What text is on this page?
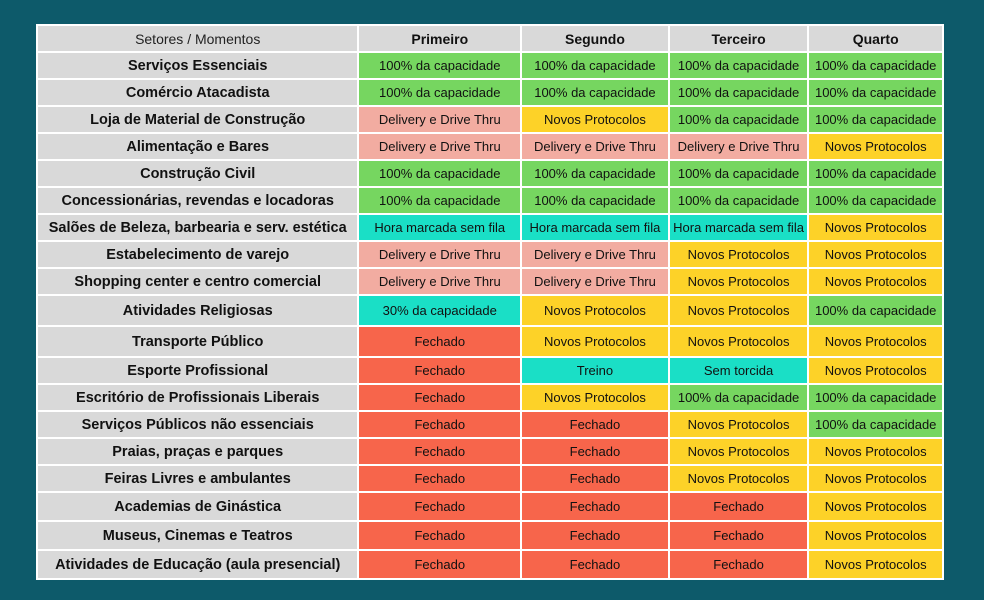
Setores / Momentos	Primeiro	Segundo	Terceiro	Quarto
Serviços Essenciais	100% da capacidade	100% da capacidade	100% da capacidade	100% da capacidade
Comércio Atacadista	100% da capacidade	100% da capacidade	100% da capacidade	100% da capacidade
Loja de Material de Construção	Delivery e Drive Thru	Novos Protocolos	100% da capacidade	100% da capacidade
Alimentação e Bares	Delivery e Drive Thru	Delivery e Drive Thru	Delivery e Drive Thru	Novos Protocolos
Construção Civil	100% da capacidade	100% da capacidade	100% da capacidade	100% da capacidade
Concessionárias, revendas e locadoras	100% da capacidade	100% da capacidade	100% da capacidade	100% da capacidade
Salões de Beleza, barbearia e serv. estética	Hora marcada sem fila	Hora marcada sem fila	Hora marcada sem fila	Novos Protocolos
Estabelecimento de varejo	Delivery e Drive Thru	Delivery e Drive Thru	Novos Protocolos	Novos Protocolos
Shopping center e centro comercial	Delivery e Drive Thru	Delivery e Drive Thru	Novos Protocolos	Novos Protocolos
Atividades Religiosas	30% da capacidade	Novos Protocolos	Novos Protocolos	100% da capacidade
Transporte Público	Fechado	Novos Protocolos	Novos Protocolos	Novos Protocolos
Esporte Profissional	Fechado	Treino	Sem torcida	Novos Protocolos
Escritório de Profissionais Liberais	Fechado	Novos Protocolos	100% da capacidade	100% da capacidade
Serviços Públicos não essenciais	Fechado	Fechado	Novos Protocolos	100% da capacidade
Praias, praças e parques	Fechado	Fechado	Novos Protocolos	Novos Protocolos
Feiras Livres e ambulantes	Fechado	Fechado	Novos Protocolos	Novos Protocolos
Academias de Ginástica	Fechado	Fechado	Fechado	Novos Protocolos
Museus, Cinemas e Teatros	Fechado	Fechado	Fechado	Novos Protocolos
Atividades de Educação (aula presencial)	Fechado	Fechado	Fechado	Novos Protocolos
